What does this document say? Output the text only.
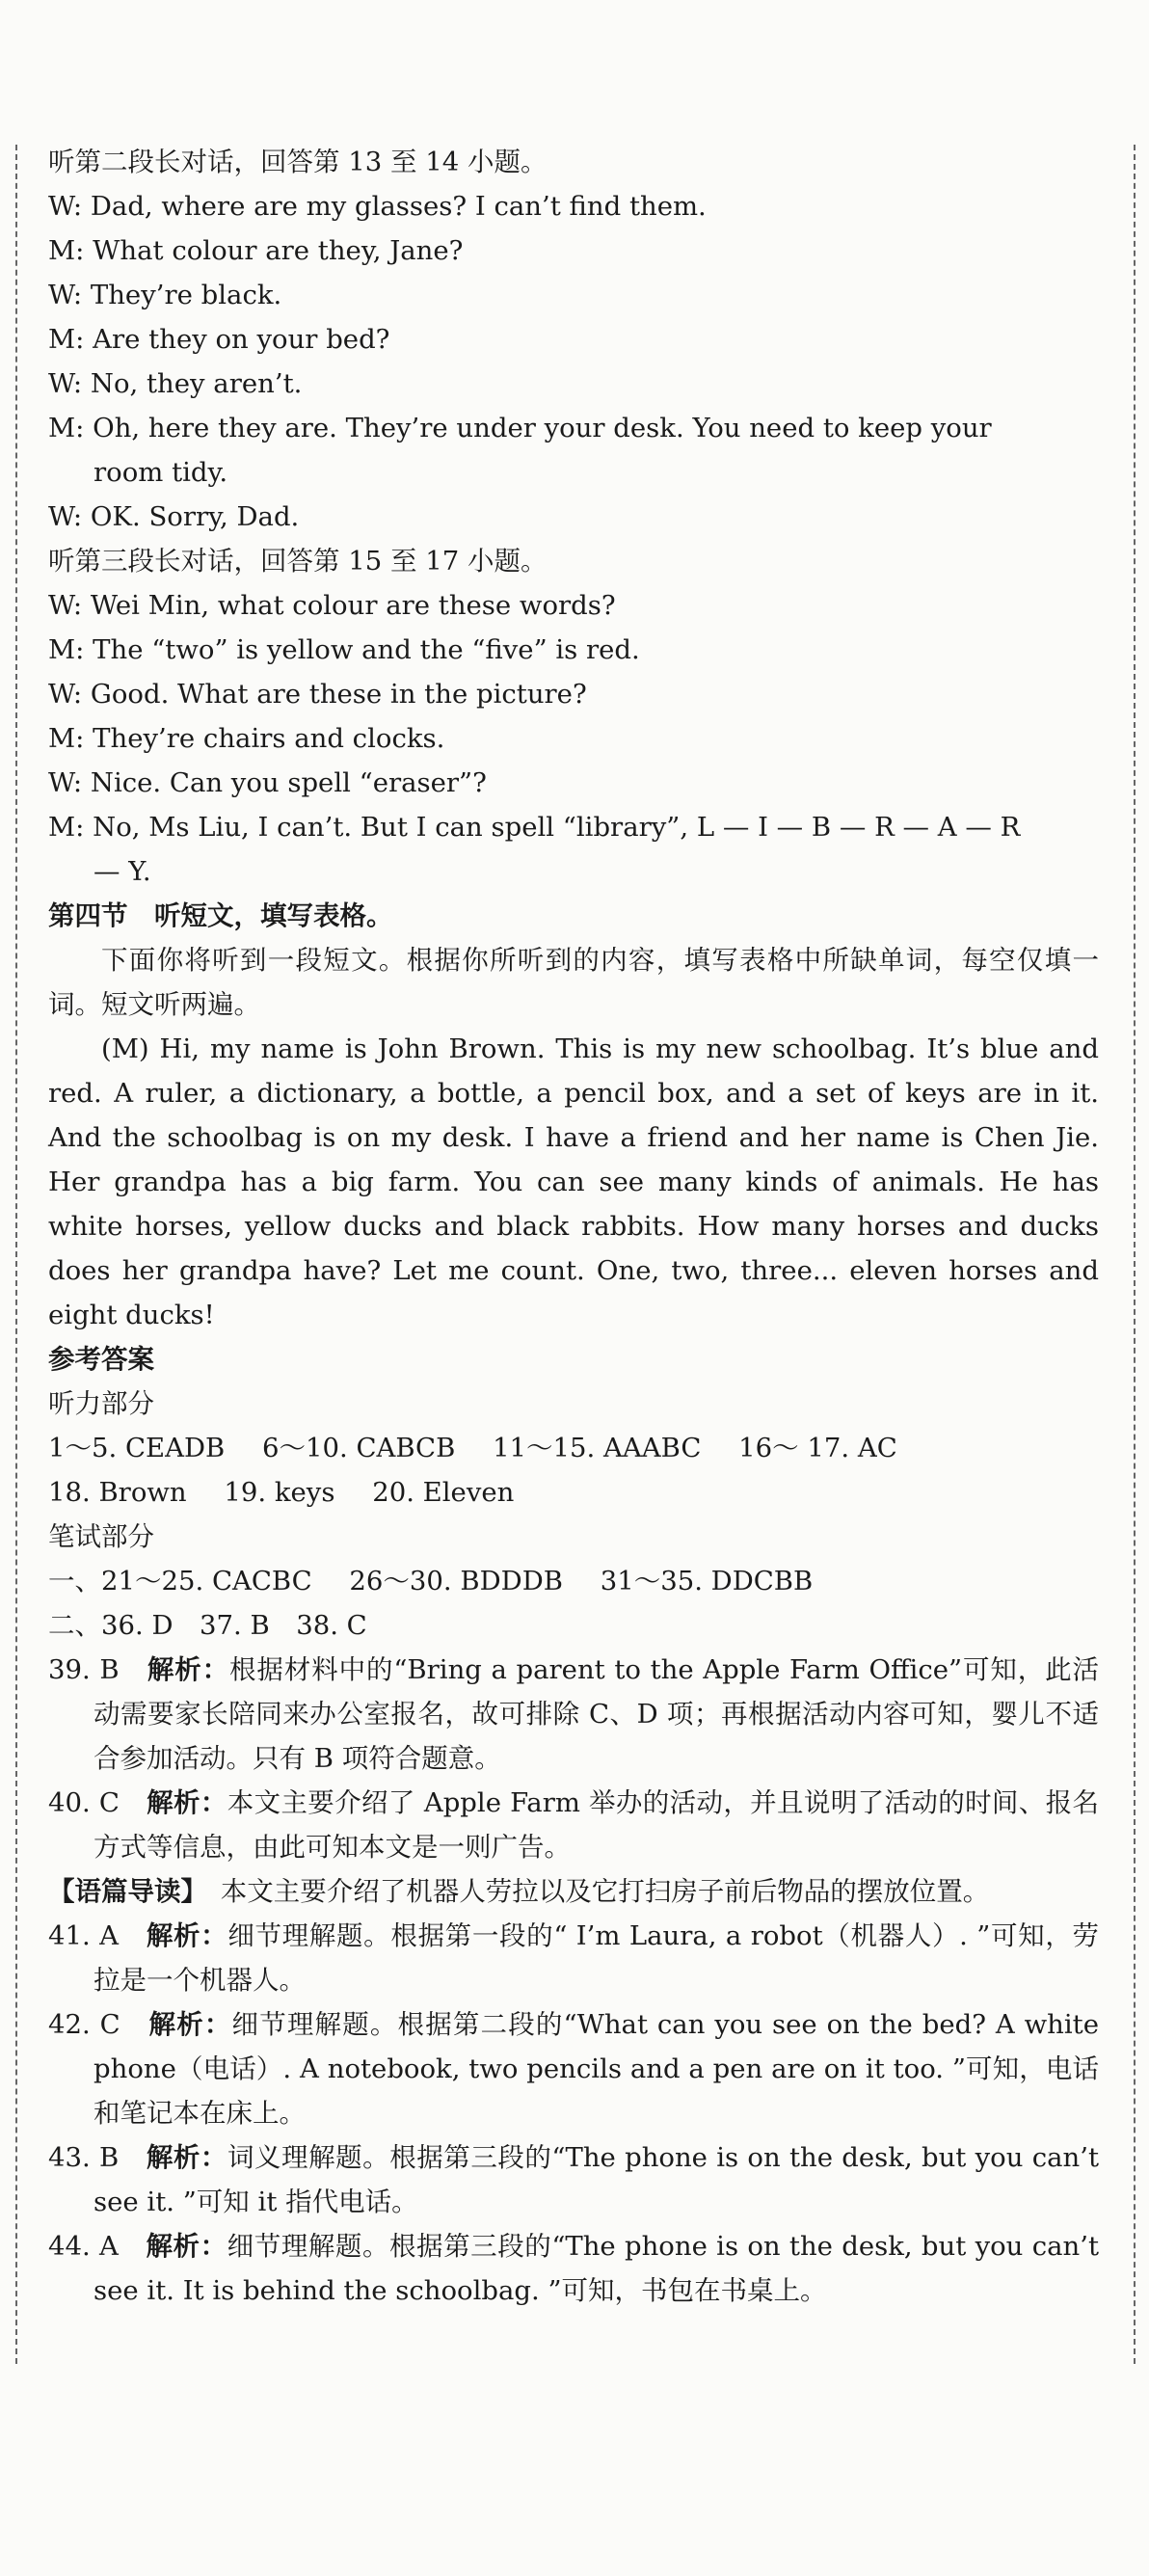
听第二段长对话，回答第 13 至 14 小题。
W: Dad, where are my glasses? I can’t find them.
M: What colour are they, Jane?
W: They’re black.
M: Are they on your bed?
W: No, they aren’t.
M: Oh, here they are. They’re under your desk. You need to keep your
room tidy.
W: OK. Sorry, Dad.
听第三段长对话，回答第 15 至 17 小题。
W: Wei Min, what colour are these words?
M: The “two” is yellow and the “five” is red.
W: Good. What are these in the picture?
M: They’re chairs and clocks.
W: Nice. Can you spell “eraser”?
M: No, Ms Liu, I can’t. But I can spell “library”, L — I — B — R — A — R
— Y.
第四节　听短文，填写表格。
下面你将听到一段短文。根据你所听到的内容，填写表格中所缺单词，每空仅填一词。短文听两遍。
(M) Hi, my name is John Brown. This is my new schoolbag. It’s blue and red. A ruler, a dictionary, a bottle, a pencil box, and a set of keys are in it. And the schoolbag is on my desk. I have a friend and her name is Chen Jie. Her grandpa has a big farm. You can see many kinds of animals. He has white horses, yellow ducks and black rabbits. How many horses and ducks does her grandpa have? Let me count. One, two, three... eleven horses and eight ducks!
参考答案
听力部分
1～5. CEADB 6～10. CABCB 11～15. AAABC 16～ 17. AC
18. Brown 19. keys 20. Eleven
笔试部分
一、21～25. CACBC 26～30. BDDDB 31～35. DDCBB
二、36. D　37. B　38. C
39. B　 解析：根据材料中的“Bring a parent to the Apple Farm Office”可知，此活动需要家长陪同来办公室报名，故可排除 C、D 项；再根据活动内容可知，婴儿不适合参加活动。只有 B 项符合题意。
40. C　 解析：本文主要介绍了 Apple Farm 举办的活动，并且说明了活动的时间、报名方式等信息，由此可知本文是一则广告。
【语篇导读】　 本文主要介绍了机器人劳拉以及它打扫房子前后物品的摆放位置。
41. A　 解析：细节理解题。根据第一段的“ I’m Laura, a robot（机器人）. ”可知，劳拉是一个机器人。
42. C　 解析：细节理解题。根据第二段的“What can you see on the bed? A white phone（电话）. A notebook, two pencils and a pen are on it too. ”可知，电话和笔记本在床上。
43. B　 解析：词义理解题。根据第三段的“The phone is on the desk, but you can’t see it. ”可知 it 指代电话。
44. A　 解析：细节理解题。根据第三段的“The phone is on the desk, but you can’t see it. It is behind the schoolbag. ”可知，书包在书桌上。
